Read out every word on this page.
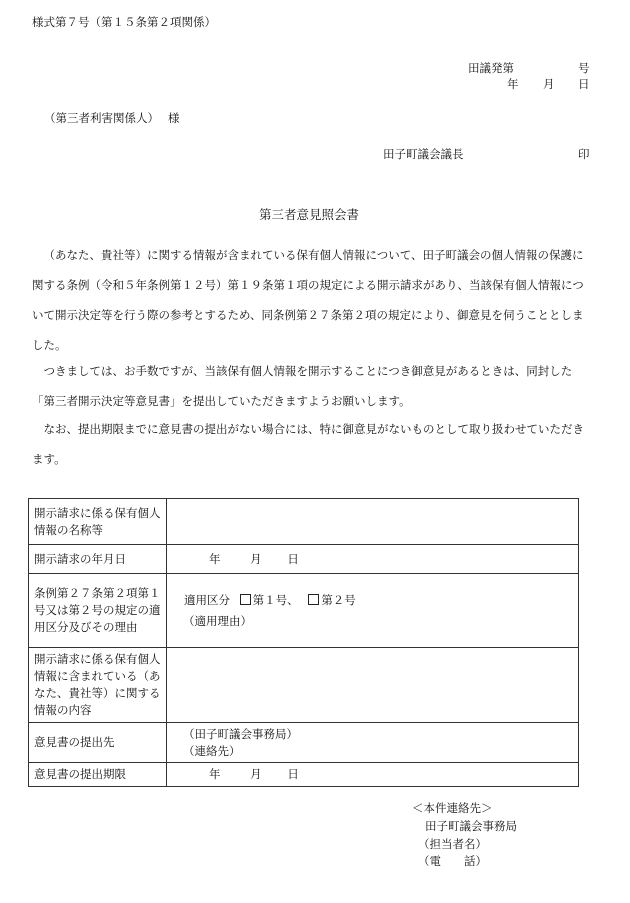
様式第７号（第１５条第２項関係）
田議発第	号
年 月 日
（第三者利害関係人） 様
田子町議会議長	印
第三者意見照会書
（あなた、貴社等）に関する情報が含まれている保有個人情報について、田子町議会の個人情報の保護に関する条例（令和５年条例第１２号）第１９条第１項の規定による開示請求があり、当該保有個人情報について開示決定等を行う際の参考とするため、同条例第２７条第２項の規定により、御意見を伺うこととしました。
つきましては、お手数ですが、当該保有個人情報を開示することにつき御意見があるときは、同封した「第三者開示決定等意見書」を提出していただきますようお願いします。
なお、提出期限までに意見書の提出がない場合には、特に御意見がないものとして取り扱わせていただきます。
開示請求に係る保有個人情報の名称等	
開示請求の年月日	年 月 日
条例第２７条第２項第１号又は第２号の規定の適用区分及びその理由	適用区分 第１号、 第２号
（適用理由）

開示請求に係る保有個人情報に含まれている（あなた、貴社等）に関する情報の内容	
意見書の提出先	（田子町議会事務局）
（連絡先）

意見書の提出期限	年 月 日
＜本件連絡先＞
田子町議会事務局
（担当者名）
（電　　話）
